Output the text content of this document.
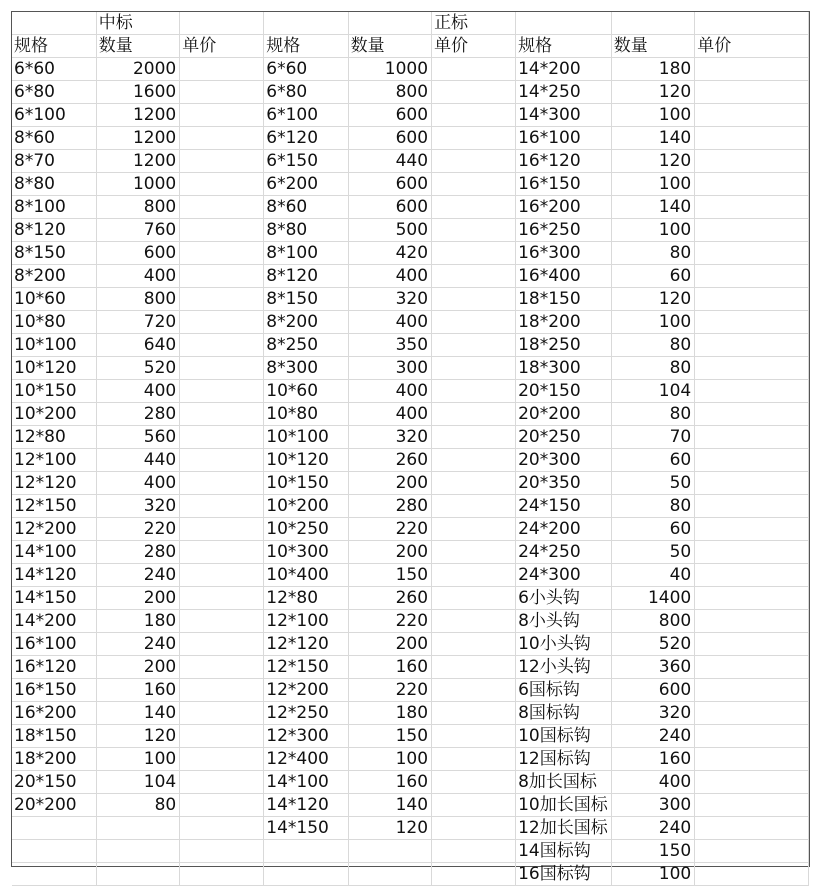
	中标				正标			
规格	数量	单价	规格	数量	单价	规格	数量	单价
6*60	2000		6*60	1000		14*200	180	
6*80	1600		6*80	800		14*250	120	
6*100	1200		6*100	600		14*300	100	
8*60	1200		6*120	600		16*100	140	
8*70	1200		6*150	440		16*120	120	
8*80	1000		6*200	600		16*150	100	
8*100	800		8*60	600		16*200	140	
8*120	760		8*80	500		16*250	100	
8*150	600		8*100	420		16*300	80	
8*200	400		8*120	400		16*400	60	
10*60	800		8*150	320		18*150	120	
10*80	720		8*200	400		18*200	100	
10*100	640		8*250	350		18*250	80	
10*120	520		8*300	300		18*300	80	
10*150	400		10*60	400		20*150	104	
10*200	280		10*80	400		20*200	80	
12*80	560		10*100	320		20*250	70	
12*100	440		10*120	260		20*300	60	
12*120	400		10*150	200		20*350	50	
12*150	320		10*200	280		24*150	80	
12*200	220		10*250	220		24*200	60	
14*100	280		10*300	200		24*250	50	
14*120	240		10*400	150		24*300	40	
14*150	200		12*80	260		6小头钩	1400	
14*200	180		12*100	220		8小头钩	800	
16*100	240		12*120	200		10小头钩	520	
16*120	200		12*150	160		12小头钩	360	
16*150	160		12*200	220		6国标钩	600	
16*200	140		12*250	180		8国标钩	320	
18*150	120		12*300	150		10国标钩	240	
18*200	100		12*400	100		12国标钩	160	
20*150	104		14*100	160		8加长国标	400	
20*200	80		14*120	140		10加长国标	300	
			14*150	120		12加长国标	240	
						14国标钩	150	
						16国标钩	100	
